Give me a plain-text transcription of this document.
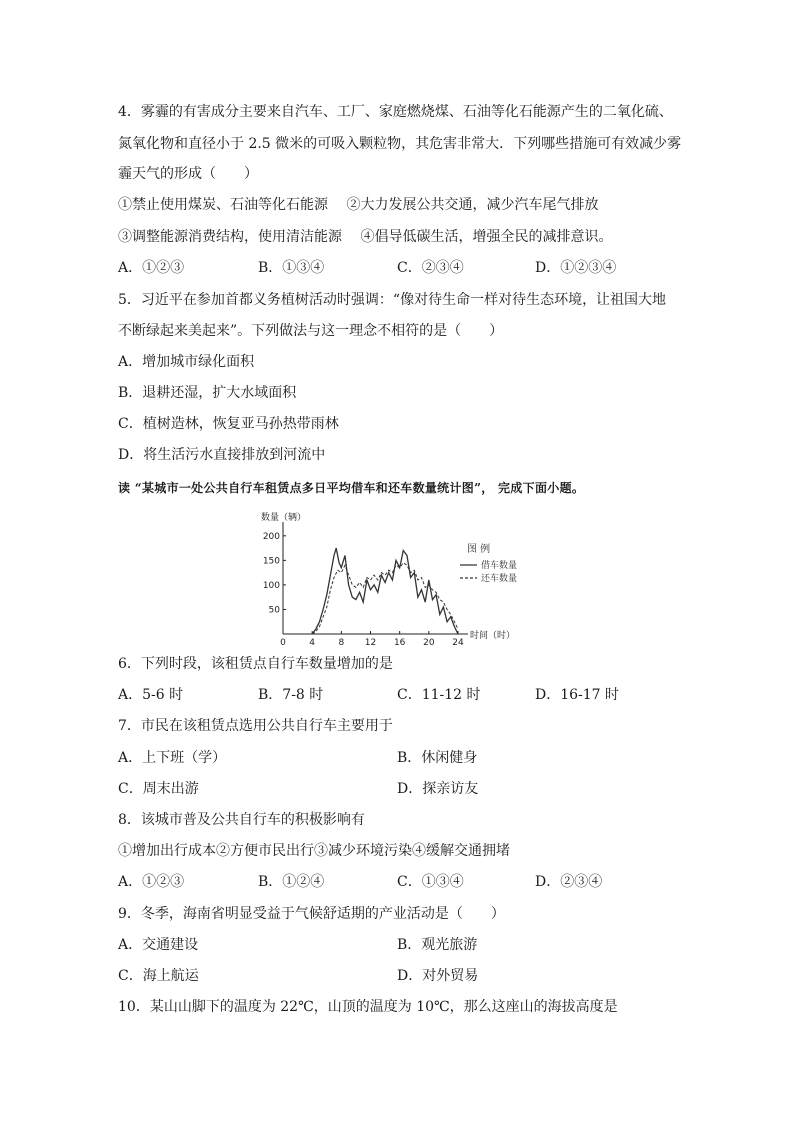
4．雾霾的有害成分主要来自汽车、工厂、家庭燃烧煤、石油等化石能源产生的二氧化硫、
氮氧化物和直径小于 2.5 微米的可吸入颗粒物，其危害非常大．下列哪些措施可有效减少雾
霾天气的形成（　　）
①禁止使用煤炭、石油等化石能源　 ②大力发展公共交通，减少汽车尾气排放
③调整能源消费结构，使用清洁能源　 ④倡导低碳生活，增强全民的减排意识。
A．①②③	B．①③④	C．②③④	D．①②③④
5．习近平在参加首都义务植树活动时强调：“像对待生命一样对待生态环境，让祖国大地
不断绿起来美起来”。下列做法与这一理念不相符的是（　　）
A．增加城市绿化面积
B．退耕还湿，扩大水域面积
C．植树造林，恢复亚马孙热带雨林
D．将生活污水直接排放到河流中
读 “某城市一处公共自行车租赁点多日平均借车和还车数量统计图”， 完成下面小题。
0	4	8 12 16 20 24
50
100
150
200
数量（辆）
时间（时）
图 例
借车数量
还车数量
6．下列时段，该租赁点自行车数量增加的是
A．5-6 时	B．7-8 时	C．11-12 时	D．16-17 时
7．市民在该租赁点选用公共自行车主要用于
A．上下班（学）	B．休闲健身
C．周末出游	D．探亲访友
8．该城市普及公共自行车的积极影响有
①增加出行成本②方便市民出行③减少环境污染④缓解交通拥堵
A．①②③	B．①②④	C．①③④	D．②③④
9．冬季，海南省明显受益于气候舒适期的产业活动是（　　）
A．交通建设	B．观光旅游
C．海上航运	D．对外贸易
10．某山山脚下的温度为 22℃，山顶的温度为 10℃，那么这座山的海拔高度是
